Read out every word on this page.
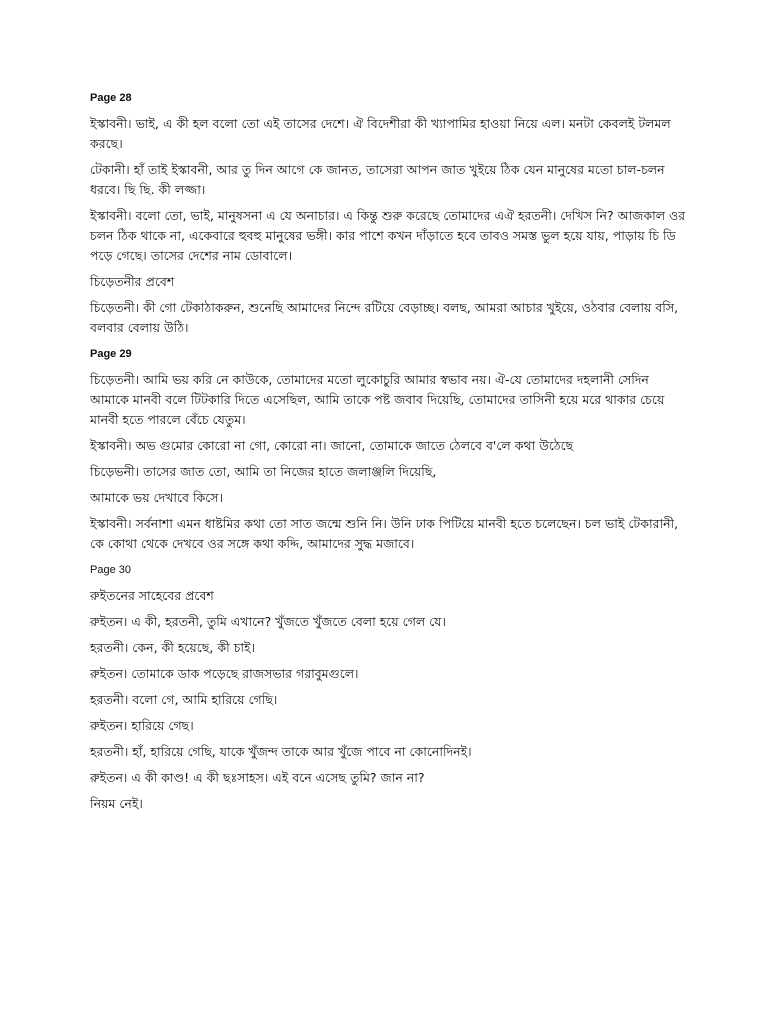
Page 28

ইস্কাবনী। ভাই, এ কী হল বলো তো এই তাসের দেশে। ঐ বিদেশীরা কী খ্যাপামির হাওয়া নিয়ে এল। মনটা কেবলই টলমল করছে।

টেকানী। হাঁ তাই ইস্কাবনী, আর তু দিন আগে কে জানত, তাসেরা আপন জাত খুইয়ে ঠিক যেন মানুষের মতো চাল-চলন ধরবে। ছি ছি. কী লজ্জা।

ইস্কাবনী। বলো তো, ভাই, মানুষসনা এ যে অনাচার। এ কিন্তু শুরু করেছে তোমাদের এঐ হরতনী। দেখিস নি? আজকাল ওর চলন ঠিক থাকে না, একেবারে হুবহু মানুষের ভঙ্গী। কার পাশে কখন দাঁড়াতে হবে তাবও সমস্ত ভুল হয়ে যায়, পাড়ায় চি ডি পড়ে গেছে। তাসের দেশের নাম ডোবালে।

চিড়েতনীর প্রবেশ

চিড়েতনী। কী গো টেকাঠাকরুন, শুনেছি আমাদের নিন্দে রটিয়ে বেড়াচ্ছ। বলছ, আমরা আচার খুইয়ে, ওঠবার বেলায় বসি, বলবার বেলায় উঠি।

Page 29

চিড়েতনী। আমি ভয় করি নে কাউকে, তোমাদের মতো লুকোচুরি আমার স্বভাব নয়। ঐ-যে তোমাদের দহলানী সেদিন আমাকে মানবী বলে টিটকারি দিতে এসেছিল, আমি তাকে পষ্ট জবাব দিয়েছি, তোমাদের তাসিনী হয়ে মরে থাকার চেয়ে মানবী হতে পারলে বেঁচে যেতুম।

ইস্কাবনী। অভ গুমোর কোরো না গো, কোরো না। জানো, তোমাকে জাতে ঠেলবে ব'লে কথা উঠেছে

চিড়েভনী। তাসের জাত তো, আমি তা নিজের হাতে জলাঞ্জলি দিয়েছি,

আমাকে ভয় দেখাবে কিসে।

ইস্কাবনী। সর্বনাশা এমন ধাষ্টমির কথা তো সাত জন্মে শুনি নি। উনি ঢাক পিটিয়ে মানবী হতে চলেছেন। চল ভাই টেকারানী, কে কোথা থেকে দেখবে ওর সঙ্গে কথা কদ্দি, আমাদের সুদ্ধ মজাবে।

Page 30

রুইতনের সাহেবের প্রবেশ

রুইতন। এ কী, হরতনী, তুমি এখানে? খুঁজতে খুঁজতে বেলা হয়ে গেল যে।

হরতনী। কেন, কী হয়েছে, কী চাই।

রুইতন। তোমাকে ডাক পড়েছে রাজসভার গরাবুমগুলে।

হরতনী। বলো গে, আমি হারিয়ে গেছি।

রুইতন। হারিয়ে গেছ।

হরতনী। হাঁ, হারিয়ে গেছি, যাকে খুঁজন্দ তাকে আর খুঁজে পাবে না কোনোদিনই।

রুইতন। এ কী কাণ্ড! এ কী ছঃসাহস। এই বনে এসেছ তুমি? জান না?

নিয়ম নেই।
